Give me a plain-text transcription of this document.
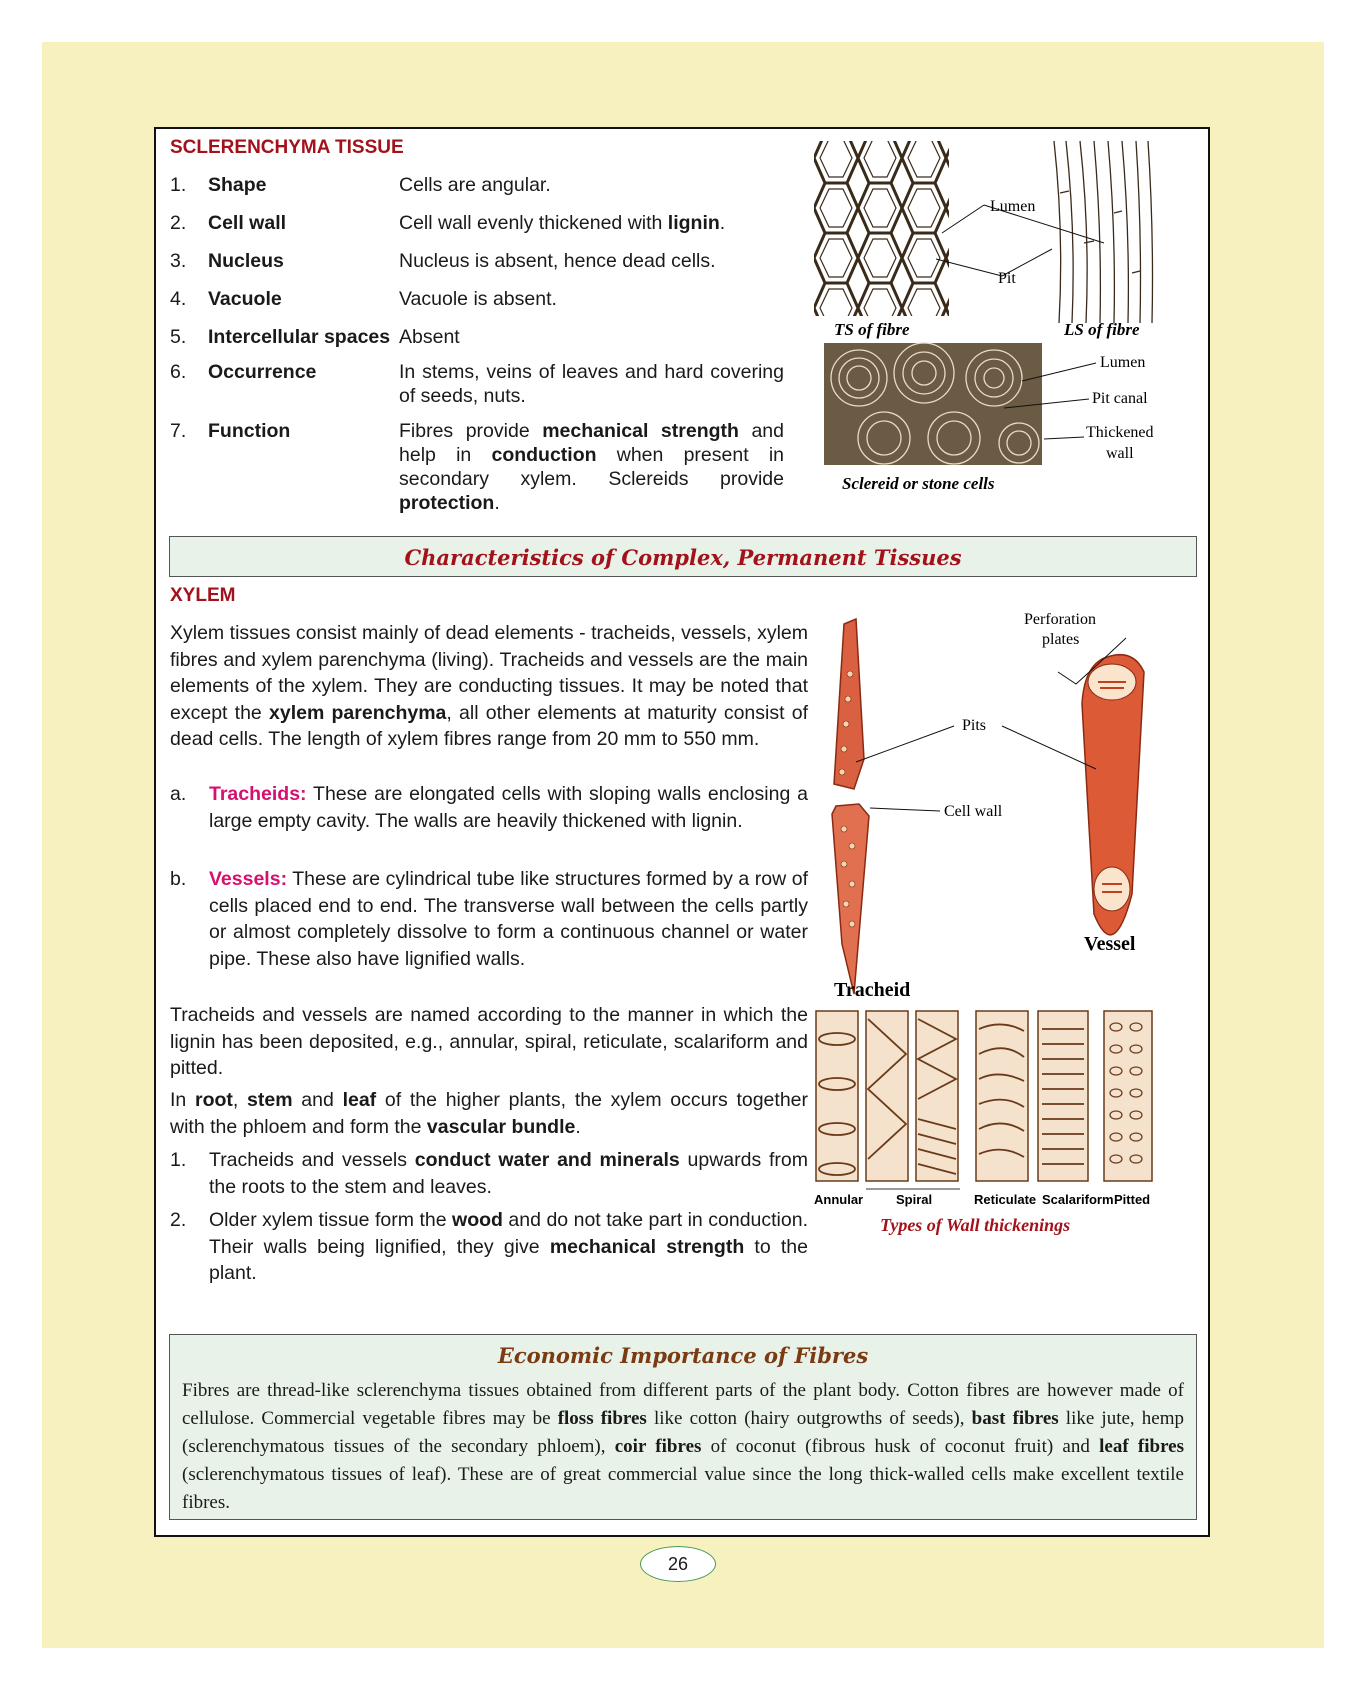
SCLERENCHYMA TISSUE
1. Shape	Cells are angular.
2. Cell wall	Cell wall evenly thickened with lignin.
3. Nucleus	Nucleus is absent, hence dead cells.
4. Vacuole	Vacuole is absent.
5. Intercellular spaces Absent
6. Occurrence	In stems, veins of leaves and hard covering of seeds, nuts.
7. Function	Fibres provide mechanical strength and help in conduction when present in secondary xylem. Sclereids provide protection.
Lumen
Pit
TS of fibre	LS of fibre
Lumen
Pit canal
Thickened
wall
Sclereid or stone cells
Characteristics of Complex, Permanent Tissues
XYLEM
Xylem tissues consist mainly of dead elements - tracheids, vessels, xylem fibres and xylem parenchyma (living). Tracheids and vessels are the main elements of the xylem. They are conducting tissues. It may be noted that except the xylem parenchyma, all other elements at maturity consist of dead cells. The length of xylem fibres range from 20 mm to 550 mm.
a. Tracheids: These are elongated cells with sloping walls enclosing a large empty cavity. The walls are heavily thickened with lignin.
b. Vessels: These are cylindrical tube like structures formed by a row of cells placed end to end. The transverse wall between the cells partly or almost completely dissolve to form a continuous channel or water pipe. These also have lignified walls.
Tracheids and vessels are named according to the manner in which the lignin has been deposited, e.g., annular, spiral, reticulate, scalariform and pitted.
In root, stem and leaf of the higher plants, the xylem occurs together with the phloem and form the vascular bundle.
1. Tracheids and vessels conduct water and minerals upwards from the roots to the stem and leaves.
2. Older xylem tissue form the wood and do not take part in conduction. Their walls being lignified, they give mechanical strength to the plant.
Perforation
plates
Pits
Cell wall
Vessel
Tracheid
Annular	Spiral	Reticulate Scalariform Pitted
Types of Wall thickenings
Economic Importance of Fibres
Fibres are thread-like sclerenchyma tissues obtained from different parts of the plant body. Cotton fibres are however made of cellulose. Commercial vegetable fibres may be floss fibres like cotton (hairy outgrowths of seeds), bast fibres like jute, hemp (sclerenchymatous tissues of the secondary phloem), coir fibres of coconut (fibrous husk of coconut fruit) and leaf fibres (sclerenchymatous tissues of leaf). These are of great commercial value since the long thick-walled cells make excellent textile fibres.
26
